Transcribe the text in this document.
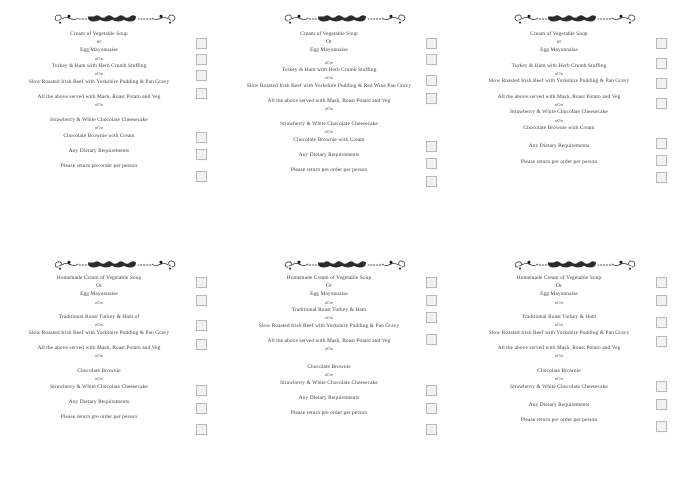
Cream of Vegetable Soup
or
Egg Mayonnaise
oOo
Turkey & Ham with Herb Crumb Stuffing
oOo
Slow Roasted Irish Beef with Yorkshire Pudding & Pan Gravy
All the above served with Mash, Roast Potato and Veg
oOo
Strawberry & White Chocolate Cheesecake
oOo
Chocolate Brownie with Cream
Any Dietary Requirements
Please return pre order per person
Cream of Vegetable Soup
Or
Egg Mayonnaise
oOo
Turkey & Ham with Herb Crumb Stuffing
oOo
Slow Roasted Irish Beef with Yorkshire Pudding & Red Wine Pan Gravy
All the above served with Mash, Roast Potato and Veg
oOo
Strawberry & White Chocolate Cheesecake
oOo
Chocolate Brownie with Cream
Any Dietary Requirements
Please return pre order per person
Cream of Vegetable Soup
or
Egg Mayonnaise
Turkey & Ham with Herb Crumb Stuffing
oOo
Slow Roasted Irish Beef with Yorkshire Pudding & Pan Gravy
All the above served with Mash, Roast Potato and Veg
oOo
Strawberry & White Chocolate Cheesecake
oOo
Chocolate Brownie with Cream
Any Dietary Requirements
Please return pre order per person
Homemade Cream of Vegetable Soup
Or
Egg Mayonnaise
oOo
Traditional Roast Turkey & Ham of
oOo
Slow Roasted Irish Beef with Yorkshire Pudding & Pan Gravy
All the above served with Mash, Roast Potato and Veg
oOo
Chocolate Brownie
oOo
Strawberry & White Chocolate Cheesecake
Any Dietary Requirements
Please return pre order per person
Homemade Cream of Vegetable Soup
Or
Egg Mayonnaise
oOo
Traditional Roast Turkey & Ham
oOo
Slow Roasted Irish Beef with Yorkshire Pudding & Pan Gravy
All the above served with Mash, Roast Potato and Veg
oOo
Chocolate Brownie
oOo
Strawberry & White Chocolate Cheesecake
Any Dietary Requirements
Please return pre order per person
Homemade Cream of Vegetable Soup
Or
Egg Mayonnaise
oOo
Traditional Roast Turkey & Ham
oOo
Slow Roasted Irish Beef with Yorkshire Pudding & Pan Gravy
All the above served with Mash, Roast Potato and Veg
oOo
Chocolate Brownie
oOo
Strawberry & White Chocolate Cheesecake
Any Dietary Requirements
Please return pre order per person
